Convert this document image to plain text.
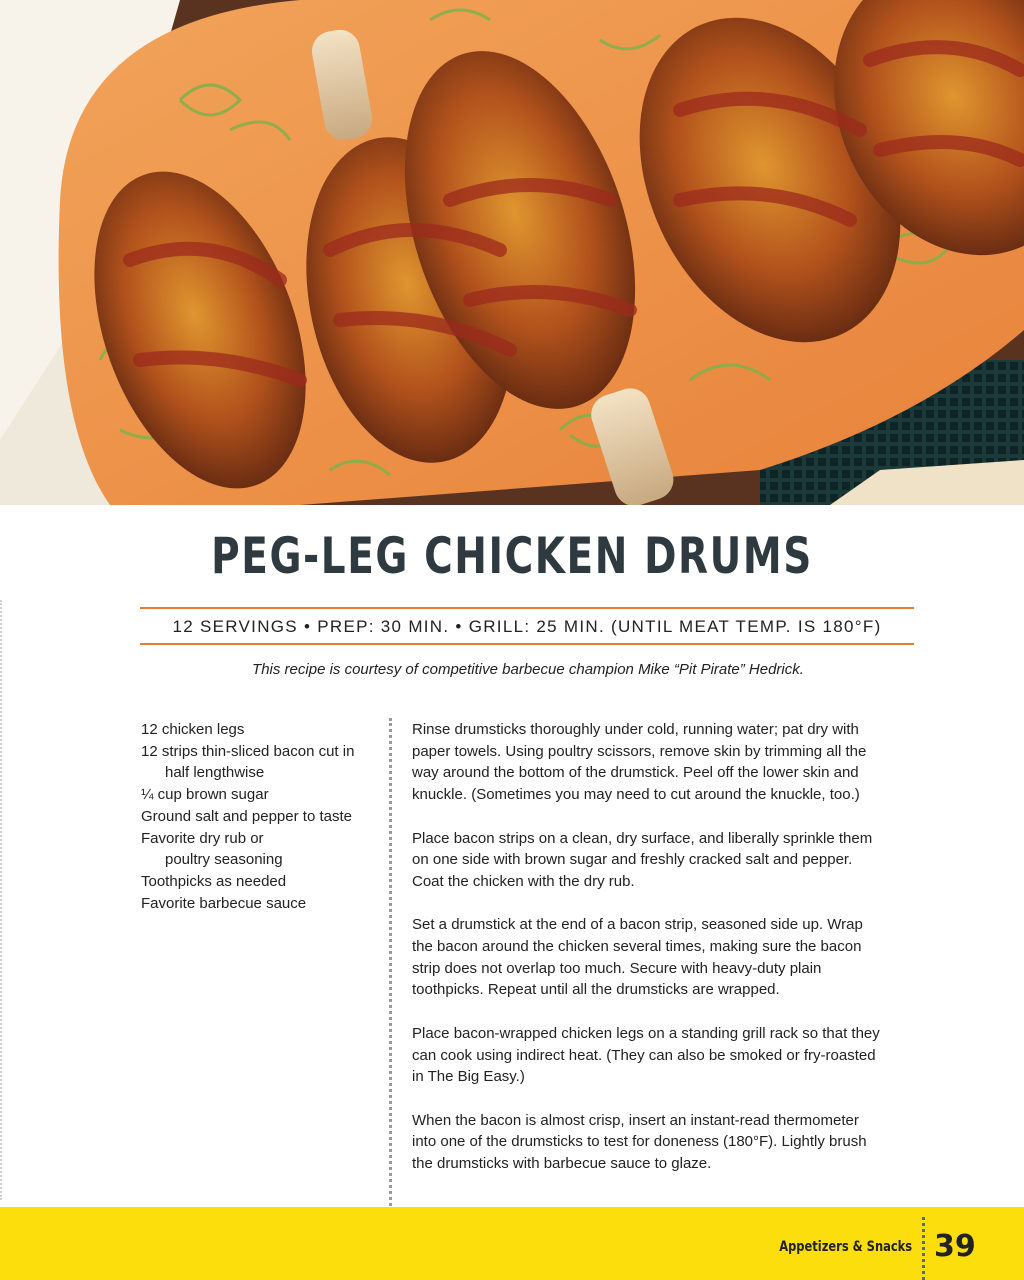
PEG-LEG CHICKEN DRUMS
12 SERVINGS • PREP: 30 MIN. • GRILL: 25 MIN. (UNTIL MEAT TEMP. IS 180°F)
This recipe is courtesy of competitive barbecue champion Mike “Pit Pirate” Hedrick.
12 chicken legs
12 strips thin-sliced bacon cut in
half lengthwise
¼ cup brown sugar
Ground salt and pepper to taste
Favorite dry rub or
poultry seasoning
Toothpicks as needed
Favorite barbecue sauce

Rinse drumsticks thoroughly under cold, running water; pat dry with
paper towels. Using poultry scissors, remove skin by trimming all the
way around the bottom of the drumstick. Peel off the lower skin and
knuckle. (Sometimes you may need to cut around the knuckle, too.)

Place bacon strips on a clean, dry surface, and liberally sprinkle them
on one side with brown sugar and freshly cracked salt and pepper.
Coat the chicken with the dry rub.

Set a drumstick at the end of a bacon strip, seasoned side up. Wrap
the bacon around the chicken several times, making sure the bacon
strip does not overlap too much. Secure with heavy-duty plain
toothpicks. Repeat until all the drumsticks are wrapped.

Place bacon-wrapped chicken legs on a standing grill rack so that they
can cook using indirect heat. (They can also be smoked or fry-roasted
in The Big Easy.)

When the bacon is almost crisp, insert an instant-read thermometer
into one of the drumsticks to test for doneness (180°F). Lightly brush
the drumsticks with barbecue sauce to glaze.

Appetizers & Snacks 39
